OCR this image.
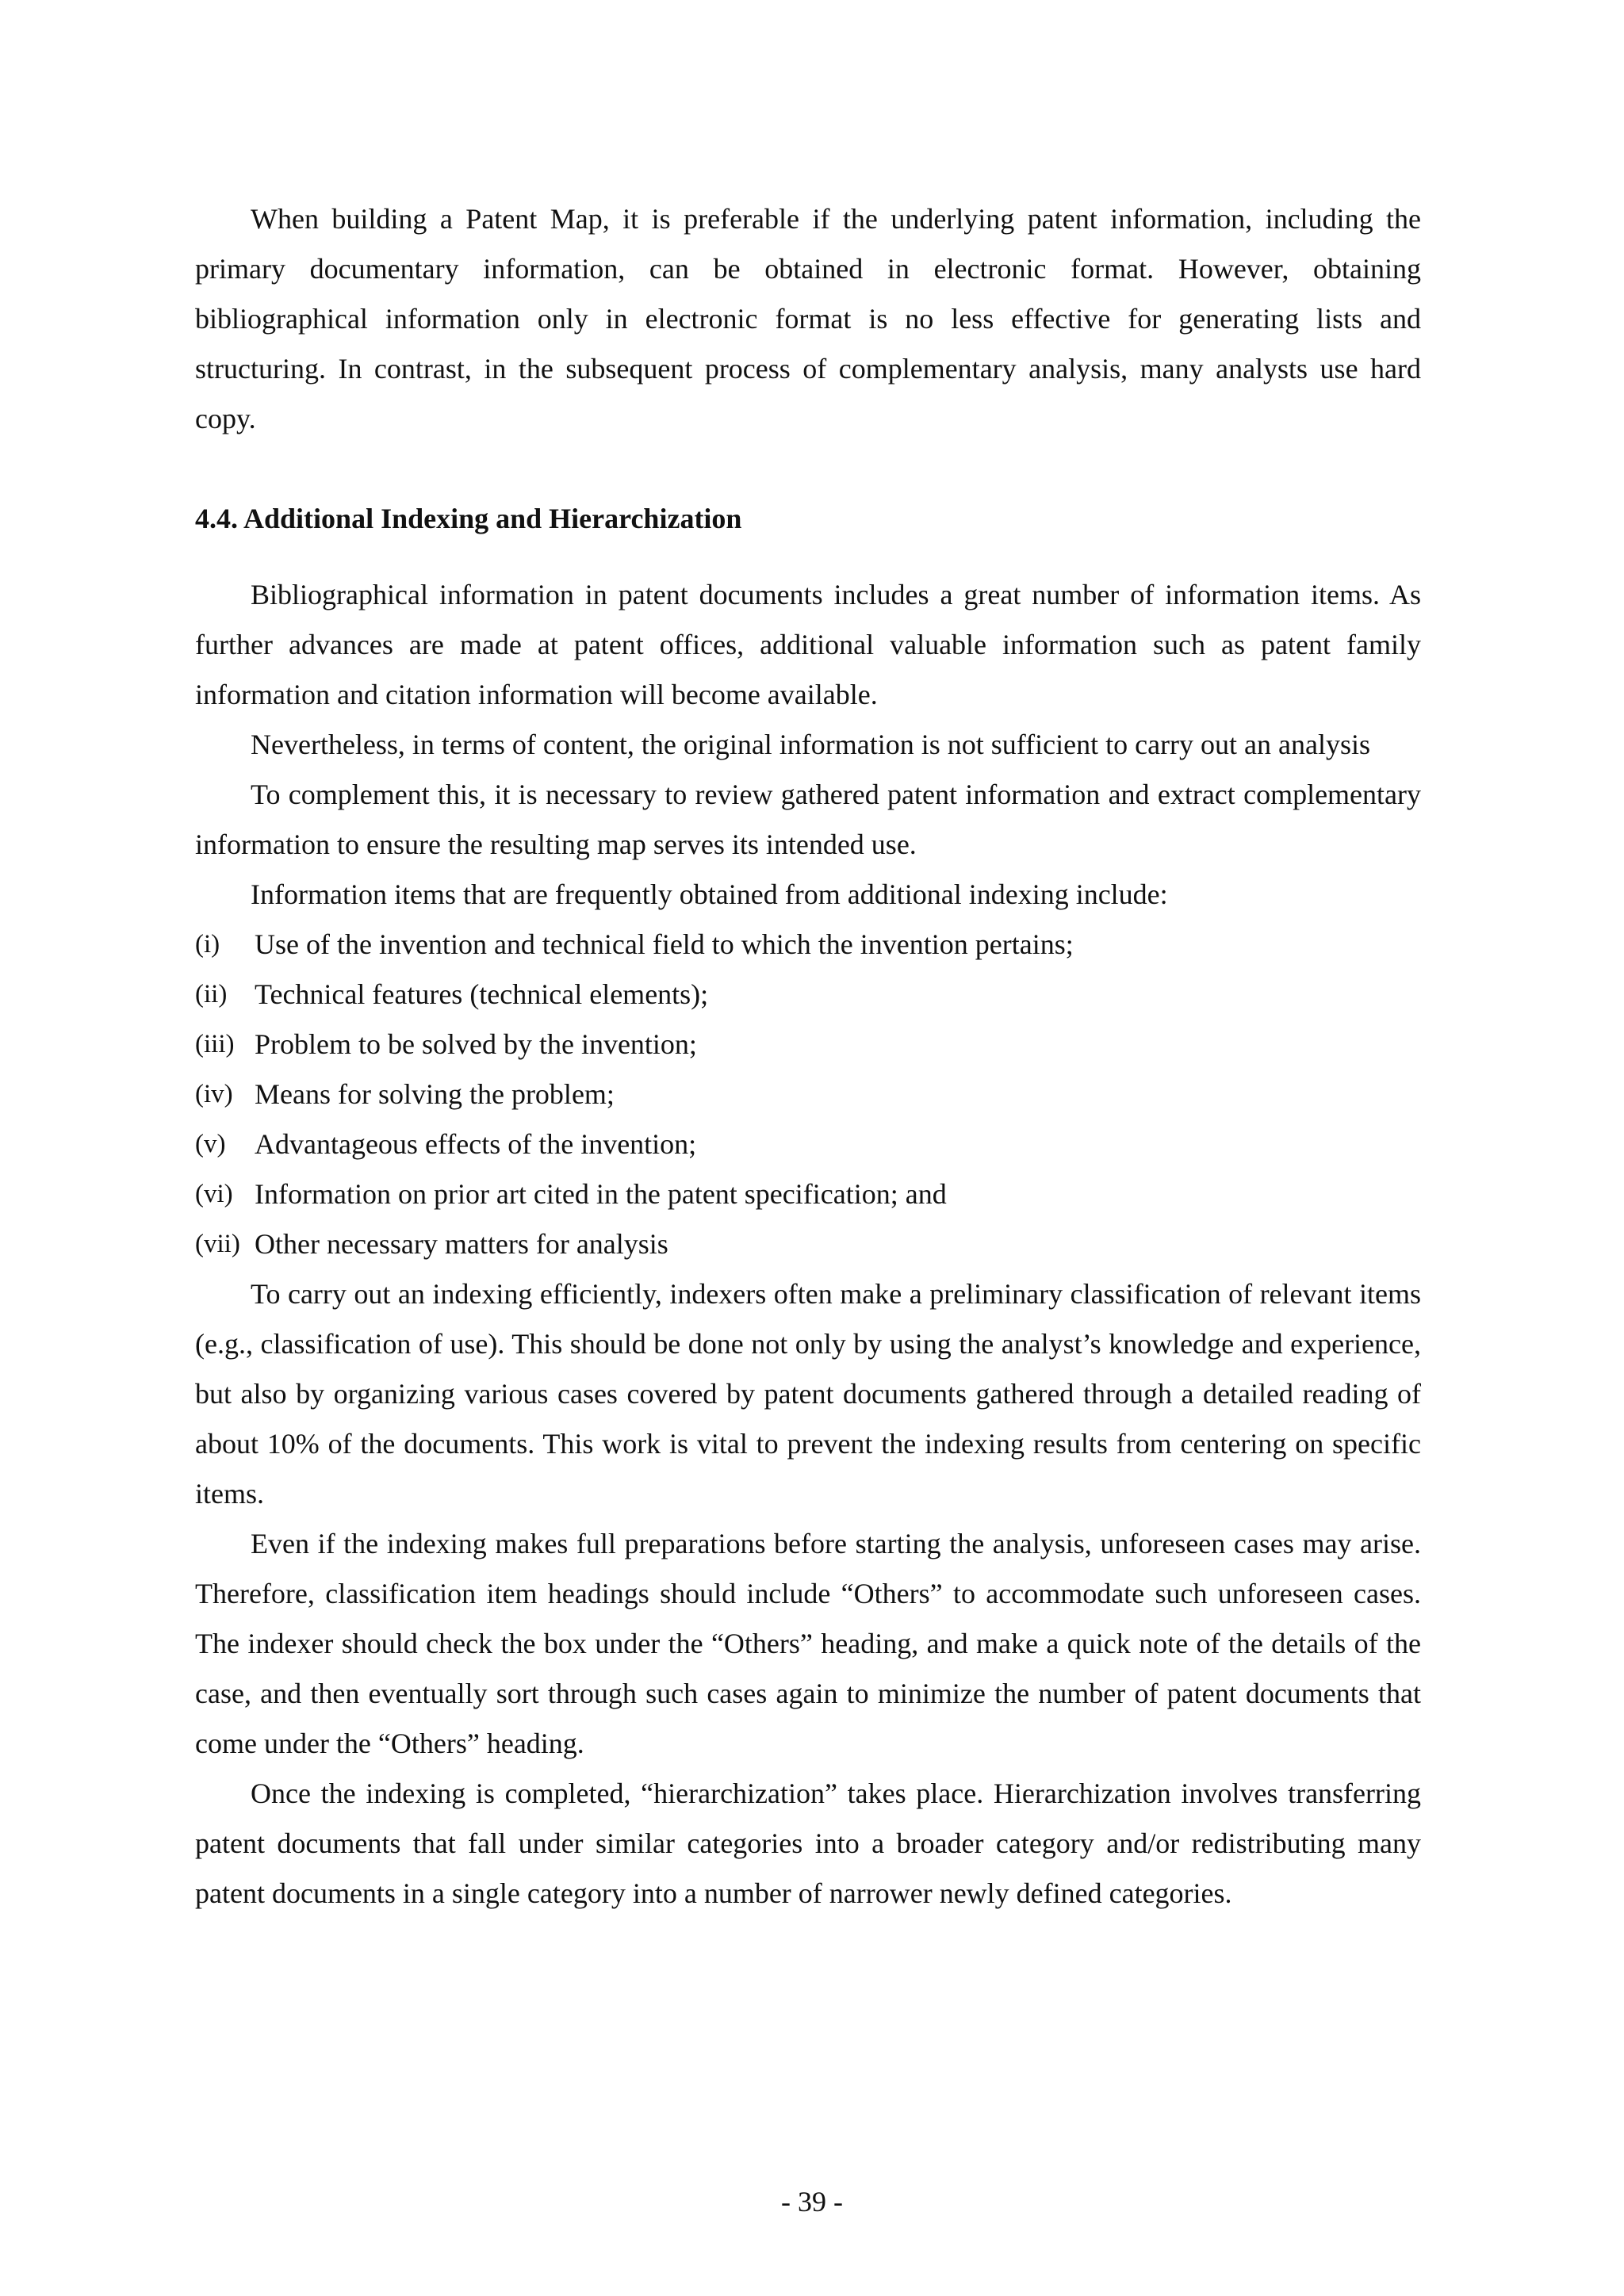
When building a Patent Map, it is preferable if the underlying patent information, including the primary documentary information, can be obtained in electronic format. However, obtaining bibliographical information only in electronic format is no less effective for generating lists and structuring. In contrast, in the subsequent process of complementary analysis, many analysts use hard copy.

4.4. Additional Indexing and Hierarchization

Bibliographical information in patent documents includes a great number of information items. As further advances are made at patent offices, additional valuable information such as patent family information and citation information will become available.

Nevertheless, in terms of content, the original information is not sufficient to carry out an analysis

To complement this, it is necessary to review gathered patent information and extract complementary information to ensure the resulting map serves its intended use.

Information items that are frequently obtained from additional indexing include:

(i)	Use of the invention and technical field to which the invention pertains;
(ii) Technical features (technical elements);
(iii) Problem to be solved by the invention;
(iv) Means for solving the problem;
(v)	Advantageous effects of the invention;
(vi) Information on prior art cited in the patent specification; and
(vii) Other necessary matters for analysis

To carry out an indexing efficiently, indexers often make a preliminary classification of relevant items (e.g., classification of use). This should be done not only by using the analyst’s knowledge and experience, but also by organizing various cases covered by patent documents gathered through a detailed reading of about 10% of the documents. This work is vital to prevent the indexing results from centering on specific items.

Even if the indexing makes full preparations before starting the analysis, unforeseen cases may arise. Therefore, classification item headings should include “Others” to accommodate such unforeseen cases. The indexer should check the box under the “Others” heading, and make a quick note of the details of the case, and then eventually sort through such cases again to minimize the number of patent documents that come under the “Others” heading.

Once the indexing is completed, “hierarchization” takes place. Hierarchization involves transferring patent documents that fall under similar categories into a broader category and/or redistributing many patent documents in a single category into a number of narrower newly defined categories.

- 39 -
